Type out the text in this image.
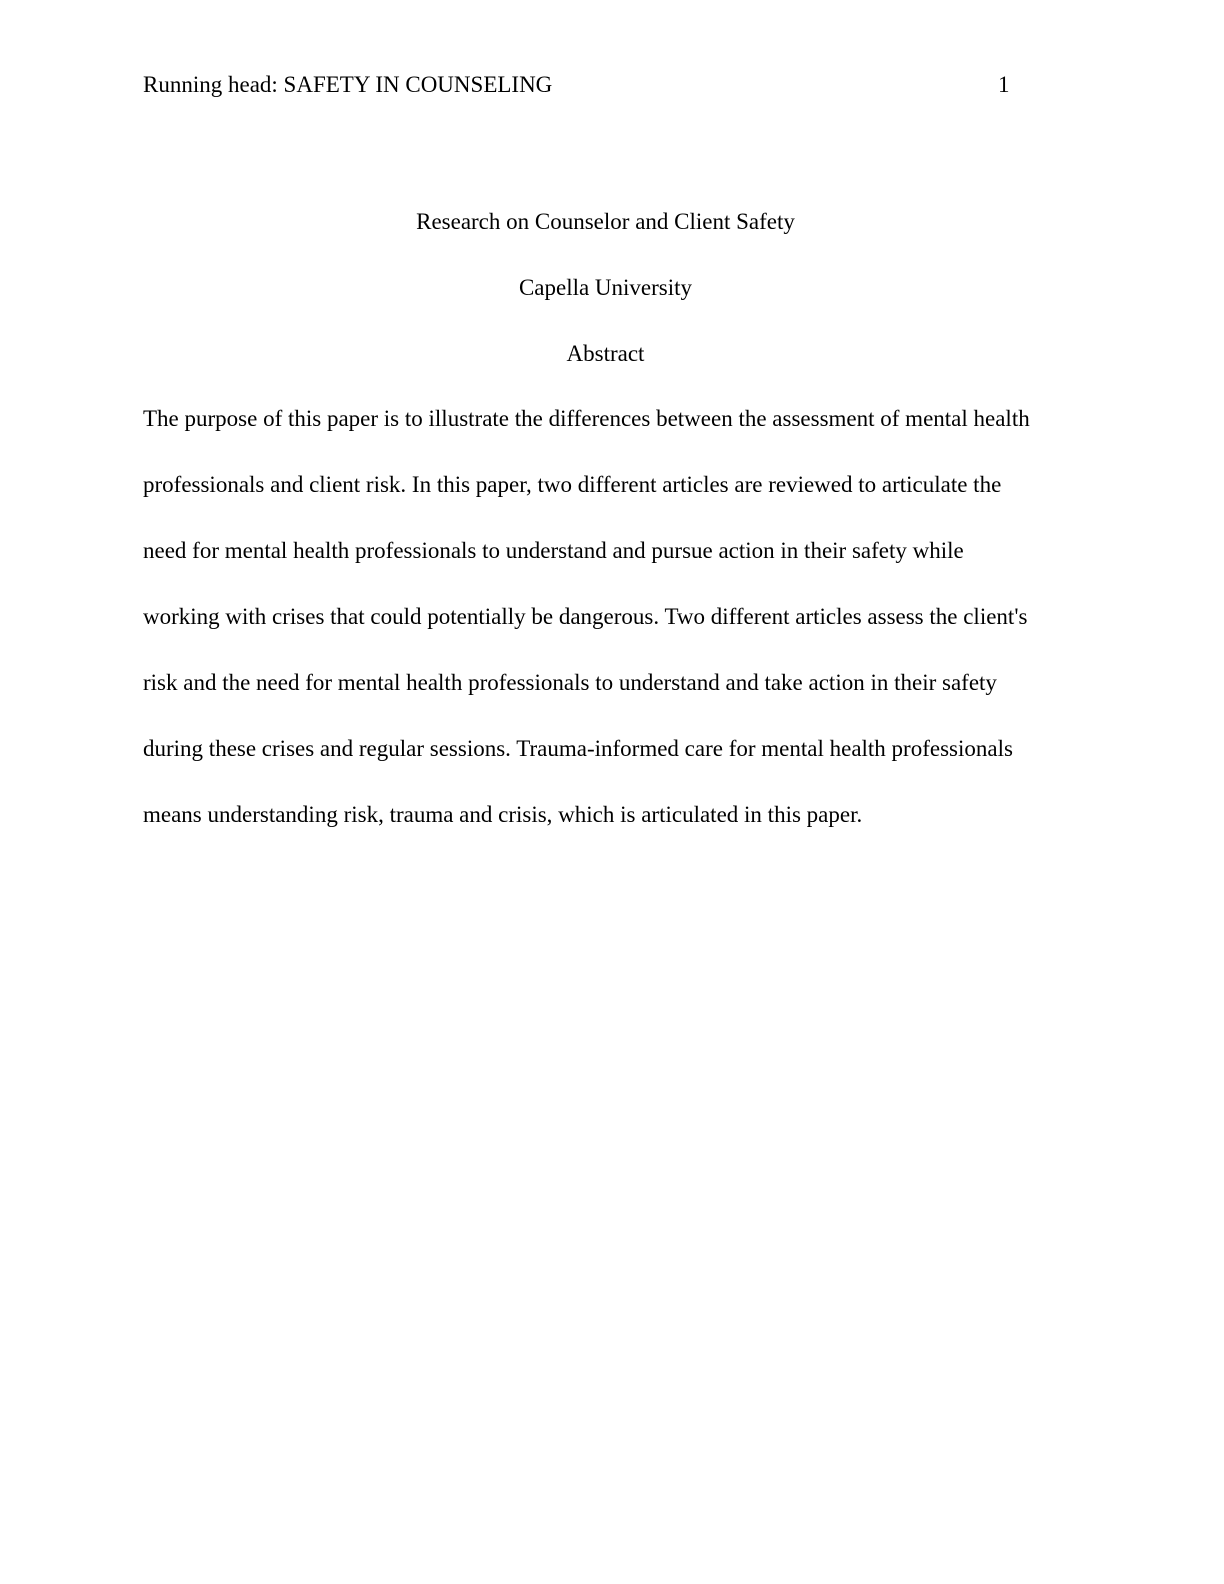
Running head: SAFETY IN COUNSELING	1
Research on Counselor and Client Safety
Capella University
Abstract
The purpose of this paper is to illustrate the differences between the assessment of mental health
professionals and client risk. In this paper, two different articles are reviewed to articulate the
need for mental health professionals to understand and pursue action in their safety while
working with crises that could potentially be dangerous. Two different articles assess the client's
risk and the need for mental health professionals to understand and take action in their safety
during these crises and regular sessions. Trauma-informed care for mental health professionals
means understanding risk, trauma and crisis, which is articulated in this paper.
